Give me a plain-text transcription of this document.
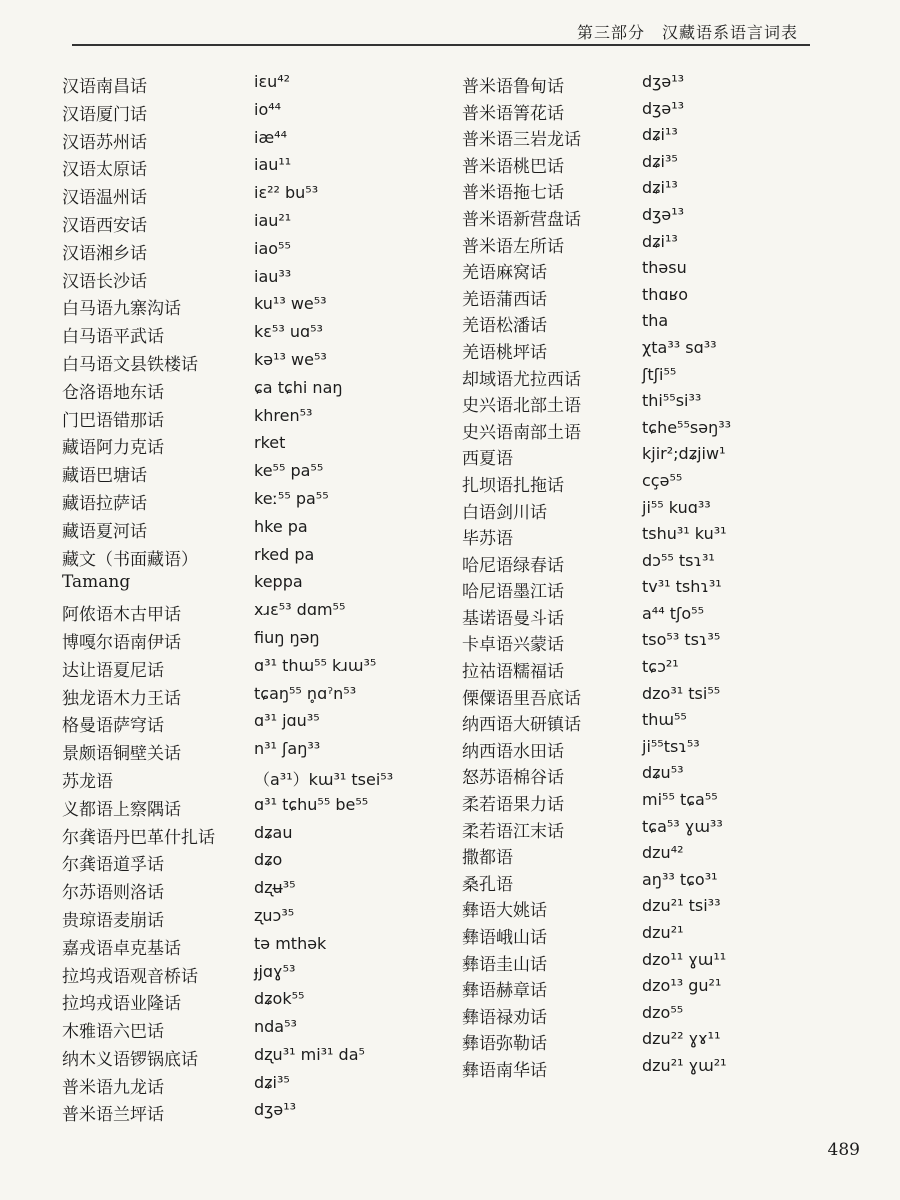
第三部分　汉藏语系语言词表
汉语南昌话	iɛu⁴²
汉语厦门话	io⁴⁴
汉语苏州话	iæ⁴⁴
汉语太原话	iau¹¹
汉语温州话	iɛ²² bu⁵³
汉语西安话	iau²¹
汉语湘乡话	iao⁵⁵
汉语长沙话	iau³³
白马语九寨沟话	ku¹³ we⁵³
白马语平武话	kɛ⁵³ uɑ⁵³
白马语文县铁楼话	kə¹³ we⁵³
仓洛语地东话	ɕa tɕhi naŋ
门巴语错那话	khren⁵³
藏语阿力克话	rket
藏语巴塘话	ke⁵⁵ pa⁵⁵
藏语拉萨话	keː⁵⁵ pa⁵⁵
藏语夏河话	hke pa
藏文（书面藏语）	rked pa
Tamang	keppa
阿侬语木古甲话	xɹɛ⁵³ dɑm⁵⁵
博嘎尔语南伊话	fiuŋ ŋəŋ
达让语夏尼话	ɑ³¹ thɯ⁵⁵ kɹɯ³⁵
独龙语木力王话	tɕaŋ⁵⁵ n̥ɑˀn⁵³
格曼语萨穹话	ɑ³¹ jɑu³⁵
景颇语铜壁关话	n³¹ ʃaŋ³³
苏龙语	（a³¹）kɯ³¹ tsei⁵³
义都语上察隅话	ɑ³¹ tɕhu⁵⁵ be⁵⁵
尔龚语丹巴革什扎话	dʑau
尔龚语道孚话	dʑo
尔苏语则洛话	dʐʉ³⁵
贵琼语麦崩话	ʐuɔ³⁵
嘉戎语卓克基话	tə mthək
拉坞戎语观音桥话	ɟjɑɣ⁵³
拉坞戎语业隆话	dʑok⁵⁵
木雅语六巴话	nda⁵³
纳木义语锣锅底话	dʐu³¹ mi³¹ da⁵
普米语九龙话	dʑi³⁵
普米语兰坪话	dʒə¹³
普米语鲁甸话	dʒə¹³
普米语箐花话	dʒə¹³
普米语三岩龙话	dʑi¹³
普米语桃巴话	dʑi³⁵
普米语拖七话	dʑi¹³
普米语新营盘话	dʒə¹³
普米语左所话	dʑi¹³
羌语麻窝话	thəsu
羌语蒲西话	thɑʁo
羌语松潘话	tha
羌语桃坪话	χta³³ sɑ³³
却域语尤拉西话	ʃtʃi⁵⁵
史兴语北部土语	thi⁵⁵si³³
史兴语南部土语	tɕhe⁵⁵səŋ³³
西夏语	kjir²;dʑjiw¹
扎坝语扎拖话	cçə⁵⁵
白语剑川话	ji⁵⁵ kuɑ³³
毕苏语	tshu³¹ ku³¹
哈尼语绿春话	dɔ⁵⁵ tsɿ³¹
哈尼语墨江话	tv³¹ tshɿ³¹
基诺语曼斗话	a⁴⁴ tʃo⁵⁵
卡卓语兴蒙话	tso⁵³ tsɿ³⁵
拉祜语糯福话	tɕɔ²¹
傈僳语里吾底话	dzo³¹ tsi⁵⁵
纳西语大研镇话	thɯ⁵⁵
纳西语水田话	ji⁵⁵tsɿ⁵³
怒苏语棉谷话	dʑu⁵³
柔若语果力话	mi⁵⁵ tɕa⁵⁵
柔若语江末话	tɕa⁵³ ɣɯ³³
撒都语	dzu⁴²
桑孔语	aŋ³³ tɕo³¹
彝语大姚话	dzu²¹ tsi³³
彝语峨山话	dzu²¹
彝语圭山话	dzo¹¹ ɣɯ¹¹
彝语赫章话	dzo¹³ gu²¹
彝语禄劝话	dzo⁵⁵
彝语弥勒话	dzu²² ɣɤ¹¹
彝语南华话	dzu²¹ ɣɯ²¹
489
